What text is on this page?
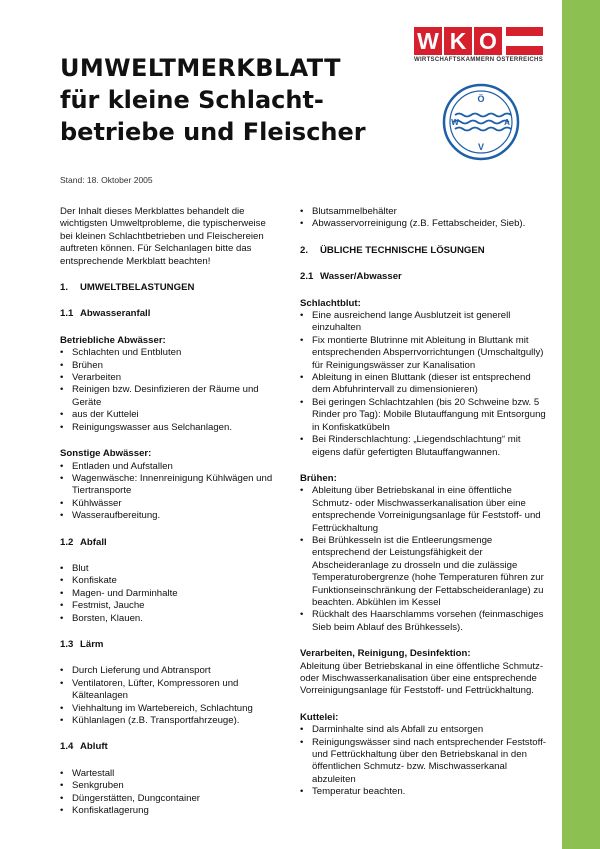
W K O
WIRTSCHAFTSKAMMERN ÖSTERREICHS
Ö
W	A
V
UMWELTMERKBLATT
für kleine Schlacht-
betriebe und Fleischer
Stand: 18. Oktober 2005

Der Inhalt dieses Merkblattes behandelt die wichtigsten Umweltprobleme, die typischerweise bei kleinen Schlachtbetrieben und Fleischereien auftreten können. Für Selchanlagen bitte das entsprechende Merkblatt beachten!

1. UMWELTBELASTUNGEN
1.1 Abwasseranfall
Betriebliche Abwässer:
• Schlachten und Entbluten
• Brühen
• Verarbeiten
• Reinigen bzw. Desinfizieren der Räume und Geräte
• aus der Kuttelei
• Reinigungswasser aus Selchanlagen.
Sonstige Abwässer:
• Entladen und Aufstallen
• Wagenwäsche: Innenreinigung Kühlwägen und Tiertransporte
• Kühlwässer
• Wasseraufbereitung.
1.2 Abfall
• Blut
• Konfiskate
• Magen- und Darminhalte
• Festmist, Jauche
• Borsten, Klauen.
1.3 Lärm
• Durch Lieferung und Abtransport
• Ventilatoren, Lüfter, Kompressoren und Kälteanlagen
• Viehhaltung im Wartebereich, Schlachtung
• Kühlanlagen (z.B. Transportfahrzeuge).
1.4 Abluft
• Wartestall
• Senkgruben
• Düngerstätten, Dungcontainer
• Konfiskatlagerung
• Blutsammelbehälter
• Abwasservorreinigung (z.B. Fettabscheider, Sieb).
2. ÜBLICHE TECHNISCHE LÖSUNGEN
2.1 Wasser/Abwasser
Schlachtblut:
• Eine ausreichend lange Ausblutzeit ist generell einzuhalten
• Fix montierte Blutrinne mit Ableitung in Bluttank mit entsprechenden Absperrvorrichtungen (Umschaltgully) für Reinigungswässer zur Kanalisation
• Ableitung in einen Bluttank (dieser ist entsprechend dem Abfuhrintervall zu dimensionieren)
• Bei geringen Schlachtzahlen (bis 20 Schweine bzw. 5 Rinder pro Tag): Mobile Blutauffangung mit Entsorgung in Konfiskatkübeln
• Bei Rinderschlachtung: „Liegendschlachtung“ mit eigens dafür gefertigten Blutauffangwannen.
Brühen:
• Ableitung über Betriebskanal in eine öffentliche Schmutz- oder Mischwasserkanalisation über eine entsprechende Vorreinigungsanlage für Feststoff- und Fettrückhaltung
• Bei Brühkesseln ist die Entleerungsmenge entsprechend der Leistungsfähigkeit der Abscheideranlage zu drosseln und die zulässige Temperaturobergrenze (hohe Temperaturen führen zur Funktionseinschränkung der Fettabscheideranlage) zu beachten. Abkühlen im Kessel
• Rückhalt des Haarschlamms vorsehen (feinmaschiges Sieb beim Ablauf des Brühkessels).
Verarbeiten, Reinigung, Desinfektion:

Ableitung über Betriebskanal in eine öffentliche Schmutz- oder Mischwasserkanalisation über eine entsprechende Vorreinigungsanlage für Feststoff- und Fettrückhaltung.

Kuttelei:
• Darminhalte sind als Abfall zu entsorgen
• Reinigungswässer sind nach entsprechender Feststoff- und Fettrückhaltung über den Betriebskanal in den öffentlichen Schmutz- bzw. Mischwasserkanal abzuleiten
• Temperatur beachten.
